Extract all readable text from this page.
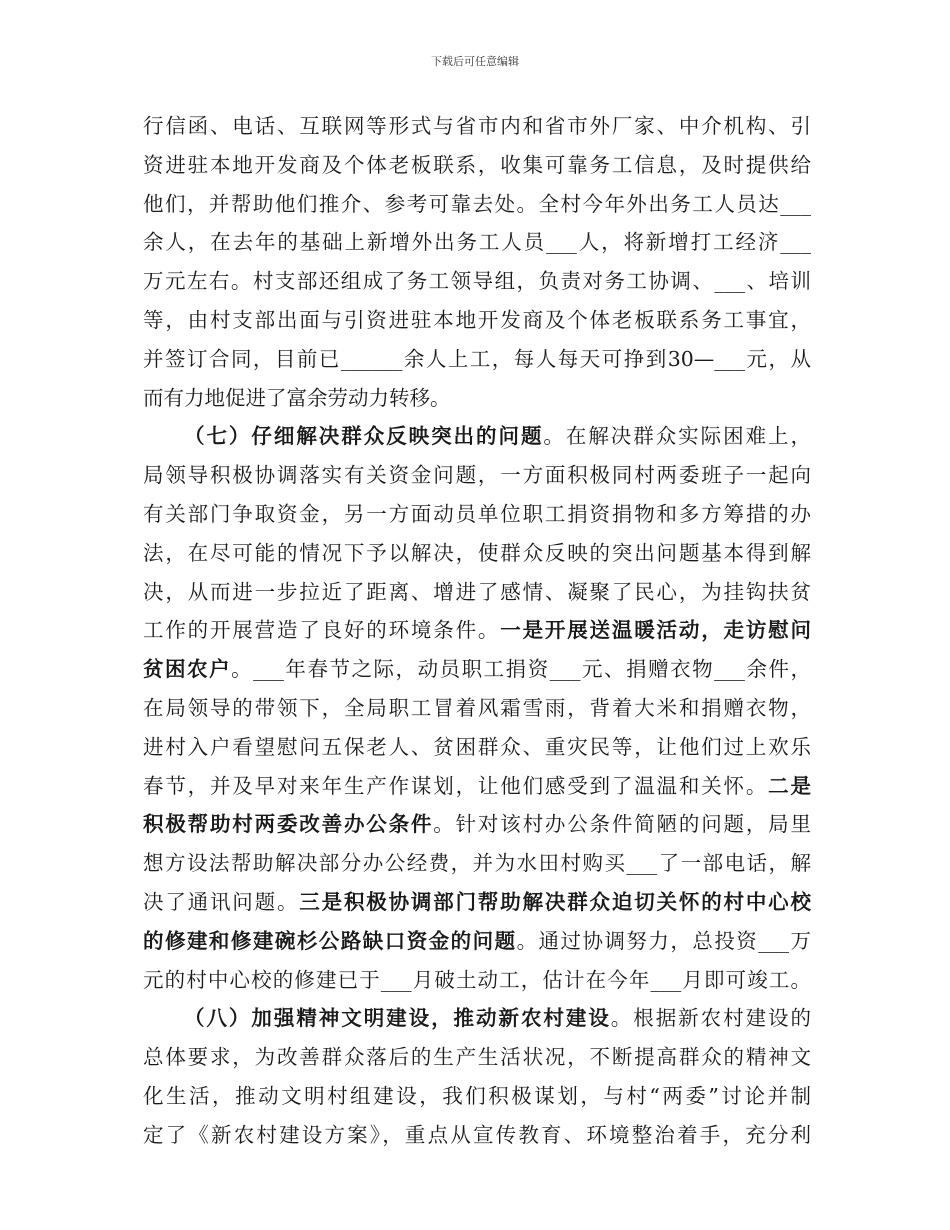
下载后可任意编辑
行信函、电话、互联网等形式与省市内和省市外厂家、中介机构、引
资进驻本地开发商及个体老板联系，收集可靠务工信息，及时提供给
他们，并帮助他们推介、参考可靠去处。全村今年外出务工人员达___
余人，在去年的基础上新增外出务工人员___人，将新增打工经济___
万元左右。村支部还组成了务工领导组，负责对务工协调、___、培训
等，由村支部出面与引资进驻本地开发商及个体老板联系务工事宜，
并签订合同，目前已______余人上工，每人每天可挣到30—___元，从
而有力地促进了富余劳动力转移。
（七）仔细解决群众反映突出的问题。在解决群众实际困难上，
局领导积极协调落实有关资金问题，一方面积极同村两委班子一起向
有关部门争取资金，另一方面动员单位职工捐资捐物和多方筹措的办
法，在尽可能的情况下予以解决，使群众反映的突出问题基本得到解
决，从而进一步拉近了距离、增进了感情、凝聚了民心，为挂钩扶贫
工作的开展营造了良好的环境条件。一是开展送温暖活动，走访慰问
贫困农户。___年春节之际，动员职工捐资___元、捐赠衣物___余件，
在局领导的带领下，全局职工冒着风霜雪雨，背着大米和捐赠衣物，
进村入户看望慰问五保老人、贫困群众、重灾民等，让他们过上欢乐
春节，并及早对来年生产作谋划，让他们感受到了温温和关怀。二是
积极帮助村两委改善办公条件。针对该村办公条件简陋的问题，局里
想方设法帮助解决部分办公经费，并为水田村购买___了一部电话，解
决了通讯问题。三是积极协调部门帮助解决群众迫切关怀的村中心校
的修建和修建碗杉公路缺口资金的问题。通过协调努力，总投资___万
元的村中心校的修建已于___月破土动工，估计在今年___月即可竣工。
（八）加强精神文明建设，推动新农村建设。根据新农村建设的
总体要求，为改善群众落后的生产生活状况，不断提高群众的精神文
化生活，推动文明村组建设，我们积极谋划，与村“两委”讨论并制
定了《新农村建设方案》，重点从宣传教育、环境整治着手，充分利
